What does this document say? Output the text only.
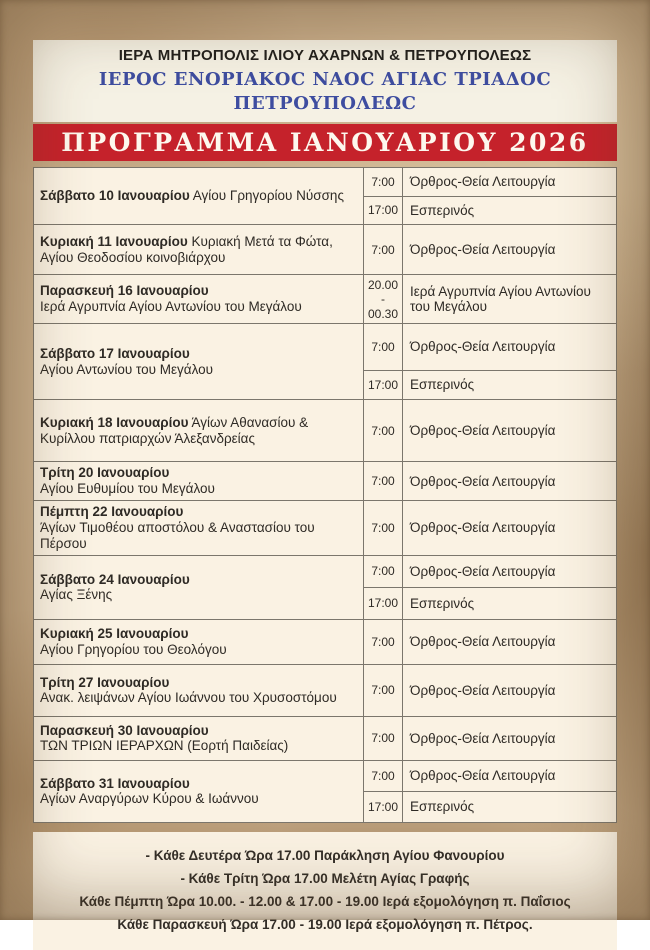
ΙΕΡΑ ΜΗΤΡΟΠΟΛΙΣ ΙΛΙΟΥ ΑΧΑΡΝΩΝ & ΠΕΤΡΟΥΠΟΛΕΩΣ
ΙΕΡΟC ΕΝΟΡΙΑΚΟC ΝΑΟC ΑΓΙΑC ΤΡΙΑΔΟC ΠΕΤΡΟΥΠΟΛΕΩC
ΠΡΟΓΡΑΜΜΑ ΙΑΝΟΥΑΡΙΟΥ 2026

Σάββατο 10 Ιανουαρίου Αγίου Γρηγορίου Νύσσης

7:00	Όρθρος-Θεία Λειτουργία
17:00 Εσπερινός

Κυριακή 11 Ιανουαρίου Κυριακή Μετά τα Φώτα, Αγίου Θεοδοσίου κοινοβιάρχου

7:00	Όρθρος-Θεία Λειτουργία

Παρασκευή 16 Ιανουαρίου
Ιερά Αγρυπνία Αγίου Αντωνίου του Μεγάλου

20.00 - 00.30
Ιερά Αγρυπνία Αγίου Αντωνίου του Μεγάλου

Σάββατο 17 Ιανουαρίου
Αγίου Αντωνίου του Μεγάλου

7:00	Όρθρος-Θεία Λειτουργία
17:00 Εσπερινός

Κυριακή 18 Ιανουαρίου Άγίων Αθανασίου & Κυρίλλου πατριαρχών Άλεξανδρείας

7:00	Όρθρος-Θεία Λειτουργία

Τρίτη 20 Ιανουαρίου
Αγίου Ευθυμίου του Μεγάλου

7:00	Όρθρος-Θεία Λειτουργία

Πέμπτη 22 Ιανουαρίου
Άγίων Τιμοθέου αποστόλου & Αναστασίου του Πέρσου

7:00	Όρθρος-Θεία Λειτουργία

Σάββατο 24 Ιανουαρίου
Αγίας Ξένης

7:00	Όρθρος-Θεία Λειτουργία
17:00 Εσπερινός

Κυριακή 25 Ιανουαρίου
Αγίου Γρηγορίου του Θεολόγου

7:00	Όρθρος-Θεία Λειτουργία

Τρίτη 27 Ιανουαρίου
Ανακ. λειψάνων Αγίου Ιωάννου του Χρυσοστόμου

7:00	Όρθρος-Θεία Λειτουργία

Παρασκευή 30 Ιανουαρίου
ΤΩΝ ΤΡΙΩΝ ΙΕΡΑΡΧΩΝ (Εορτή Παιδείας)

7:00	Όρθρος-Θεία Λειτουργία

Σάββατο 31 Ιανουαρίου
Αγίων Αναργύρων Κύρου & Ιωάννου

7:00	Όρθρος-Θεία Λειτουργία
17:00 Εσπερινός

- Κάθε Δευτέρα Ώρα 17.00 Παράκληση Αγίου Φανουρίου

- Κάθε Τρίτη Ώρα 17.00 Μελέτη Αγίας Γραφής

Κάθε Πέμπτη Ώρα 10.00. - 12.00 & 17.00 - 19.00 Ιερά εξομολόγηση π. Παΐσιος

Κάθε Παρασκευή Ώρα 17.00 - 19.00 Ιερά εξομολόγηση π. Πέτρος.
